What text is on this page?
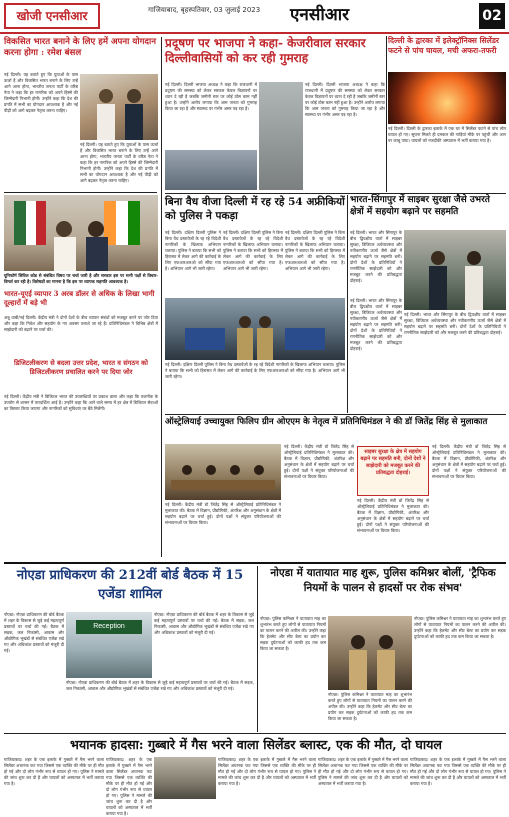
खोजी एनसीआर	गाजियाबाद, बृहस्पतिवार, 03 जुलाई 2023 एनसीआर	02
विकसित भारत बनाने के लिए हमें अपना योगदान करना होगा : रमेश बंसल
नई दिल्ली। यह बताते हुए कि युवाओं के पास ऊर्जा है और विकसित भारत बनाने के लिए उन्हें आगे आना होगा, भारतीय जनता पार्टी के वरिष्ठ नेता ने कहा कि हर नागरिक को अपने हिस्से की जिम्मेदारी निभानी होगी। उन्होंने कहा कि देश की प्रगति में सभी का योगदान आवश्यक है और नई पीढ़ी को आगे बढ़कर नेतृत्व करना चाहिए।
नई दिल्ली। यह बताते हुए कि युवाओं के पास ऊर्जा है और विकसित भारत बनाने के लिए उन्हें आगे आना होगा, भारतीय जनता पार्टी के वरिष्ठ नेता ने कहा कि हर नागरिक को अपने हिस्से की जिम्मेदारी निभानी होगी। उन्होंने कहा कि देश की प्रगति में सभी का योगदान आवश्यक है और नई पीढ़ी को आगे बढ़कर नेतृत्व करना चाहिए।
यूनिफॉर्म सिविल कोड से संबंधित विषय पर चर्चा जारी है और सरकार इस पर सभी पक्षों से विचार-विमर्श कर रही है। विशेषज्ञों का मानना है कि इस पर व्यापक सहमति आवश्यक है।
भारत-यूएई व्यापार 3 अरब डॉलर से अधिक के लिखा भागी दूल्हारों में बड़े भी
अबू धाबी/नई दिल्ली। केंद्रीय मंत्री ने दोनों देशों के बीच व्यापार संबंधों को मजबूत करने पर जोर दिया और कहा कि निवेश और सहयोग के नए अवसर तलाशे जा रहे हैं। प्रतिनिधिमंडल ने विभिन्न क्षेत्रों में साझेदारी को बढ़ाने पर चर्चा की।
डिजिटलीकरण से बदला उत्तर प्रदेश, भारत व संगठन को डिजिटलीकरण प्रचालित करने पर दिया जोर
नई दिल्ली। केंद्रीय मंत्री ने डिजिटल भारत की उपलब्धियों पर प्रकाश डाला और कहा कि तकनीक के उपयोग से शासन में पारदर्शिता आई है। उन्होंने कहा कि आने वाले समय में हर क्षेत्र में डिजिटल सेवाओं का विस्तार किया जाएगा और नागरिकों को सुविधाएं घर बैठे मिलेंगी।
प्रदूषण पर भाजपा ने कहा- केजरीवाल सरकार दिल्लीवासियों को कर रही गुमराह
नई दिल्ली। दिल्ली भाजपा अध्यक्ष ने कहा कि राजधानी में प्रदूषण की समस्या को लेकर सरकार केवल विज्ञापनों पर ध्यान दे रही है जबकि जमीनी स्तर पर कोई ठोस काम नहीं हुआ है। उन्होंने आरोप लगाया कि आम जनता को गुमराह किया जा रहा है और स्वास्थ्य पर गंभीर असर पड़ रहा है।
नई दिल्ली। दिल्ली भाजपा अध्यक्ष ने कहा कि राजधानी में प्रदूषण की समस्या को लेकर सरकार केवल विज्ञापनों पर ध्यान दे रही है जबकि जमीनी स्तर पर कोई ठोस काम नहीं हुआ है। उन्होंने आरोप लगाया कि आम जनता को गुमराह किया जा रहा है और स्वास्थ्य पर गंभीर असर पड़ रहा है।
दिल्ली के द्वारका में इलेक्ट्रॉनिक्स सिलेंडर फटने से पांच घायल, मची अफरा-तफरी
नई दिल्ली। दिल्ली के द्वारका इलाके में एक घर में सिलेंडर फटने से पांच लोग घायल हो गए। सूचना मिलते ही दमकल की गाड़ियां मौके पर पहुंचीं और आग पर काबू पाया। घायलों को नजदीकी अस्पताल में भर्ती कराया गया है।
बिना वैध वीजा दिल्ली में रह रहे 54 अफ्रीकियों को पुलिस ने पकड़ा
नई दिल्ली। दक्षिण दिल्ली पुलिस ने बिना वैध दस्तावेजों के रह रहे विदेशी नागरिकों के खिलाफ अभियान चलाया। पुलिस ने बताया कि सभी को हिरासत में लेकर आगे की कार्रवाई के लिए एफआरआरओ को सौंपा गया है। अभियान आगे भी जारी रहेगा।
नई दिल्ली। दक्षिण दिल्ली पुलिस ने बिना वैध दस्तावेजों के रह रहे विदेशी नागरिकों के खिलाफ अभियान चलाया। पुलिस ने बताया कि सभी को हिरासत में लेकर आगे की कार्रवाई के लिए एफआरआरओ को सौंपा गया है। अभियान आगे भी जारी रहेगा।
नई दिल्ली। दक्षिण दिल्ली पुलिस ने बिना वैध दस्तावेजों के रह रहे विदेशी नागरिकों के खिलाफ अभियान चलाया। पुलिस ने बताया कि सभी को हिरासत में लेकर आगे की कार्रवाई के लिए एफआरआरओ को सौंपा गया है। अभियान आगे भी जारी रहेगा।
नई दिल्ली। दक्षिण दिल्ली पुलिस ने बिना वैध दस्तावेजों के रह रहे विदेशी नागरिकों के खिलाफ अभियान चलाया। पुलिस ने बताया कि सभी को हिरासत में लेकर आगे की कार्रवाई के लिए एफआरआरओ को सौंपा गया है। अभियान आगे भी जारी रहेगा।
भारत-सिंगापुर में साइबर सुरक्षा जैसे उभरते क्षेत्रों में सहयोग बढ़ाने पर सहमति
नई दिल्ली। भारत और सिंगापुर के बीच द्विपक्षीय वार्ता में साइबर सुरक्षा, डिजिटल अर्थव्यवस्था और नवीकरणीय ऊर्जा जैसे क्षेत्रों में सहयोग बढ़ाने पर सहमति बनी। दोनों देशों के प्रतिनिधियों ने रणनीतिक साझेदारी को और मजबूत करने की प्रतिबद्धता दोहराई।
नई दिल्ली। भारत और सिंगापुर के बीच द्विपक्षीय वार्ता में साइबर सुरक्षा, डिजिटल अर्थव्यवस्था और नवीकरणीय ऊर्जा जैसे क्षेत्रों में सहयोग बढ़ाने पर सहमति बनी। दोनों देशों के प्रतिनिधियों ने रणनीतिक साझेदारी को और मजबूत करने की प्रतिबद्धता दोहराई।
नई दिल्ली। भारत और सिंगापुर के बीच द्विपक्षीय वार्ता में साइबर सुरक्षा, डिजिटल अर्थव्यवस्था और नवीकरणीय ऊर्जा जैसे क्षेत्रों में सहयोग बढ़ाने पर सहमति बनी। दोनों देशों के प्रतिनिधियों ने रणनीतिक साझेदारी को और मजबूत करने की प्रतिबद्धता दोहराई।
ऑस्ट्रेलियाई उच्चायुक्त फिलिप ग्रीन ओएएम के नेतृत्व में प्रतिनिधिमंडल ने की डॉ जितेंद्र सिंह से मुलाकात
नई दिल्ली। केंद्रीय मंत्री डॉ जितेंद्र सिंह से ऑस्ट्रेलियाई प्रतिनिधिमंडल ने मुलाकात की। बैठक में विज्ञान, प्रौद्योगिकी, अंतरिक्ष और अनुसंधान के क्षेत्रों में सहयोग बढ़ाने पर चर्चा हुई। दोनों पक्षों ने संयुक्त परियोजनाओं की संभावनाओं पर विचार किया।
नई दिल्ली। केंद्रीय मंत्री डॉ जितेंद्र सिंह से ऑस्ट्रेलियाई प्रतिनिधिमंडल ने मुलाकात की। बैठक में विज्ञान, प्रौद्योगिकी, अंतरिक्ष और अनुसंधान के क्षेत्रों में सहयोग बढ़ाने पर चर्चा हुई। दोनों पक्षों ने संयुक्त परियोजनाओं की संभावनाओं पर विचार किया।
साइबर सुरक्षा के क्षेत्र में सहयोग बढ़ाने पर सहमति बनी, दोनों देशों ने साझेदारी को मजबूत करने की प्रतिबद्धता दोहराई।
नई दिल्ली। केंद्रीय मंत्री डॉ जितेंद्र सिंह से ऑस्ट्रेलियाई प्रतिनिधिमंडल ने मुलाकात की। बैठक में विज्ञान, प्रौद्योगिकी, अंतरिक्ष और अनुसंधान के क्षेत्रों में सहयोग बढ़ाने पर चर्चा हुई। दोनों पक्षों ने संयुक्त परियोजनाओं की संभावनाओं पर विचार किया।
नई दिल्ली। केंद्रीय मंत्री डॉ जितेंद्र सिंह से ऑस्ट्रेलियाई प्रतिनिधिमंडल ने मुलाकात की। बैठक में विज्ञान, प्रौद्योगिकी, अंतरिक्ष और अनुसंधान के क्षेत्रों में सहयोग बढ़ाने पर चर्चा हुई। दोनों पक्षों ने संयुक्त परियोजनाओं की संभावनाओं पर विचार किया।
नोएडा प्राधिकरण की 212वीं बोर्ड बैठक में 15 एजेंडा शामिल
नोएडा। नोएडा प्राधिकरण की बोर्ड बैठक में शहर के विकास से जुड़े कई महत्वपूर्ण प्रस्तावों पर चर्चा की गई। बैठक में सड़क, जल निकासी, आवास और औद्योगिक भूखंडों से संबंधित एजेंडा रखे गए और अधिकांश प्रस्तावों को मंजूरी दी गई।
Reception
नोएडा। नोएडा प्राधिकरण की बोर्ड बैठक में शहर के विकास से जुड़े कई महत्वपूर्ण प्रस्तावों पर चर्चा की गई। बैठक में सड़क, जल निकासी, आवास और औद्योगिक भूखंडों से संबंधित एजेंडा रखे गए और अधिकांश प्रस्तावों को मंजूरी दी गई।
नोएडा। नोएडा प्राधिकरण की बोर्ड बैठक में शहर के विकास से जुड़े कई महत्वपूर्ण प्रस्तावों पर चर्चा की गई। बैठक में सड़क, जल निकासी, आवास और औद्योगिक भूखंडों से संबंधित एजेंडा रखे गए और अधिकांश प्रस्तावों को मंजूरी दी गई।
नोएडा में यातायात माह शुरू, पुलिस कमिश्नर बोलीं, 'ट्रैफिक नियमों के पालन से हादसों पर रोक संभव'
नोएडा। पुलिस कमिश्नर ने यातायात माह का शुभारंभ करते हुए लोगों से यातायात नियमों का पालन करने की अपील की। उन्होंने कहा कि हेलमेट और सीट बेल्ट का प्रयोग कर सड़क दुर्घटनाओं को काफी हद तक कम किया जा सकता है।
नोएडा। पुलिस कमिश्नर ने यातायात माह का शुभारंभ करते हुए लोगों से यातायात नियमों का पालन करने की अपील की। उन्होंने कहा कि हेलमेट और सीट बेल्ट का प्रयोग कर सड़क दुर्घटनाओं को काफी हद तक कम किया जा सकता है।
नोएडा। पुलिस कमिश्नर ने यातायात माह का शुभारंभ करते हुए लोगों से यातायात नियमों का पालन करने की अपील की। उन्होंने कहा कि हेलमेट और सीट बेल्ट का प्रयोग कर सड़क दुर्घटनाओं को काफी हद तक कम किया जा सकता है।
भयानक हादसा: गुब्बारे में गैस भरने वाला सिलेंडर ब्लास्ट, एक की मौत, दो घायल
गाजियाबाद। शहर के एक इलाके में गुब्बारे में गैस भरने वाला सिलेंडर अचानक फट गया जिससे एक व्यक्ति की मौके पर ही मौत हो गई और दो लोग गंभीर रूप से घायल हो गए। पुलिस ने मामले की जांच शुरू कर दी है और घायलों को अस्पताल में भर्ती कराया गया है।
गाजियाबाद। शहर के एक इलाके में गुब्बारे में गैस भरने वाला सिलेंडर अचानक फट गया जिससे एक व्यक्ति की मौके पर ही मौत हो गई और दो लोग गंभीर रूप से घायल हो गए। पुलिस ने मामले की जांच शुरू कर दी है और घायलों को अस्पताल में भर्ती कराया गया है।
गाजियाबाद। शहर के एक इलाके में गुब्बारे में गैस भरने वाला सिलेंडर अचानक फट गया जिससे एक व्यक्ति की मौके पर ही मौत हो गई और दो लोग गंभीर रूप से घायल हो गए। पुलिस ने मामले की जांच शुरू कर दी है और घायलों को अस्पताल में भर्ती कराया गया है।
गाजियाबाद। शहर के एक इलाके में गुब्बारे में गैस भरने वाला सिलेंडर अचानक फट गया जिससे एक व्यक्ति की मौके पर ही मौत हो गई और दो लोग गंभीर रूप से घायल हो गए। पुलिस ने मामले की जांच शुरू कर दी है और घायलों को अस्पताल में भर्ती कराया गया है।
गाजियाबाद। शहर के एक इलाके में गुब्बारे में गैस भरने वाला सिलेंडर अचानक फट गया जिससे एक व्यक्ति की मौके पर ही मौत हो गई और दो लोग गंभीर रूप से घायल हो गए। पुलिस ने मामले की जांच शुरू कर दी है और घायलों को अस्पताल में भर्ती कराया गया है।
